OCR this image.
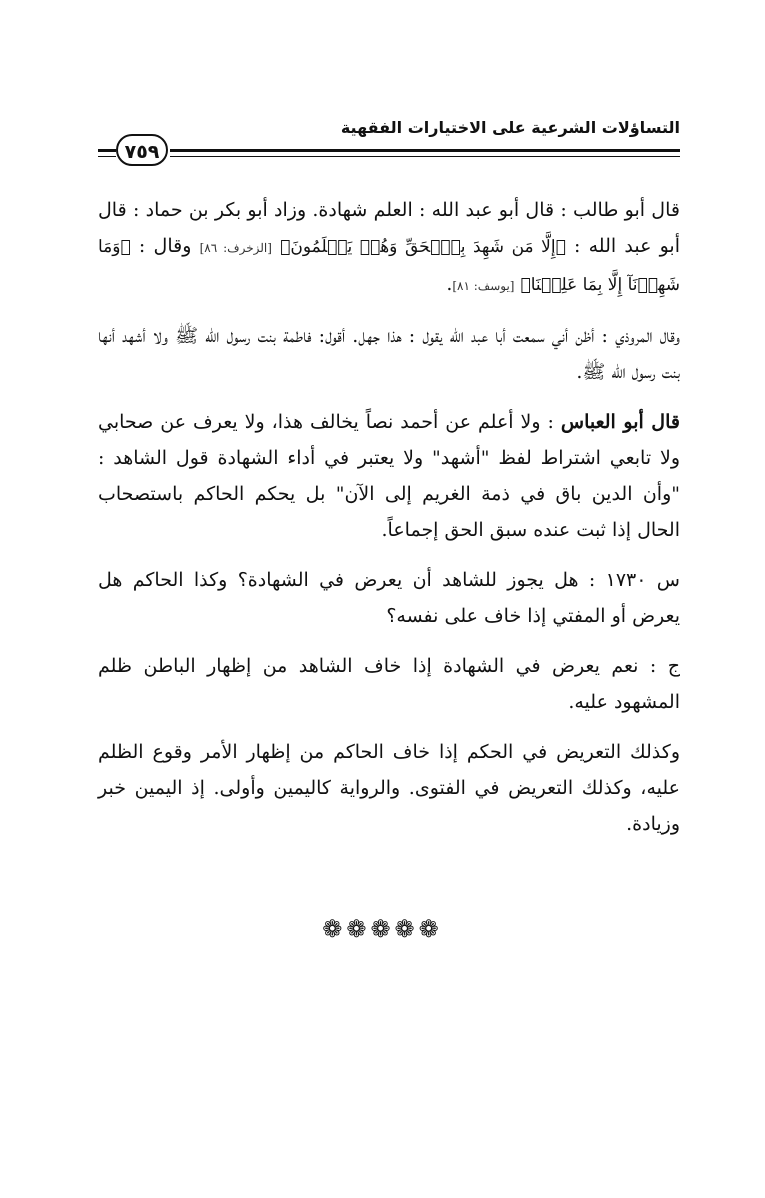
التساؤلات الشرعية على الاختيارات الفقهية
٧٥٩

قال أبو طالب : قال أبو عبد الله : العلم شهادة. وزاد أبو بكر بن حماد : قال أبو عبد الله : ﴿إِلَّا مَن شَهِدَ بِٱلۡحَقِّ وَهُمۡ يَعۡلَمُونَ﴾ [الزخرف: ٨٦] وقال : ﴿وَمَا شَهِدۡنَآ إِلَّا بِمَا عَلِمۡنَا﴾ [يوسف: ٨١].

وقال المروذي : أظن أني سمعت أبا عبد الله يقول : هذا جهل. أقول: فاطمة بنت رسول الله ﷺ ولا أشهد أنها بنت رسول الله ﷺ.

قال أبو العباس : ولا أعلم عن أحمد نصاً يخالف هذا، ولا يعرف عن صحابي ولا تابعي اشتراط لفظ "أشهد" ولا يعتبر في أداء الشهادة قول الشاهد : "وأن الدين باق في ذمة الغريم إلى الآن" بل يحكم الحاكم باستصحاب الحال إذا ثبت عنده سبق الحق إجماعاً.

س ١٧٣٠ : هل يجوز للشاهد أن يعرض في الشهادة؟ وكذا الحاكم هل يعرض أو المفتي إذا خاف على نفسه؟

ج : نعم يعرض في الشهادة إذا خاف الشاهد من إظهار الباطن ظلم المشهود عليه.

وكذلك التعريض في الحكم إذا خاف الحاكم من إظهار الأمر وقوع الظلم عليه، وكذلك التعريض في الفتوى. والرواية كاليمين وأولى. إذ اليمين خبر وزيادة.

❁❁❁❁❁
